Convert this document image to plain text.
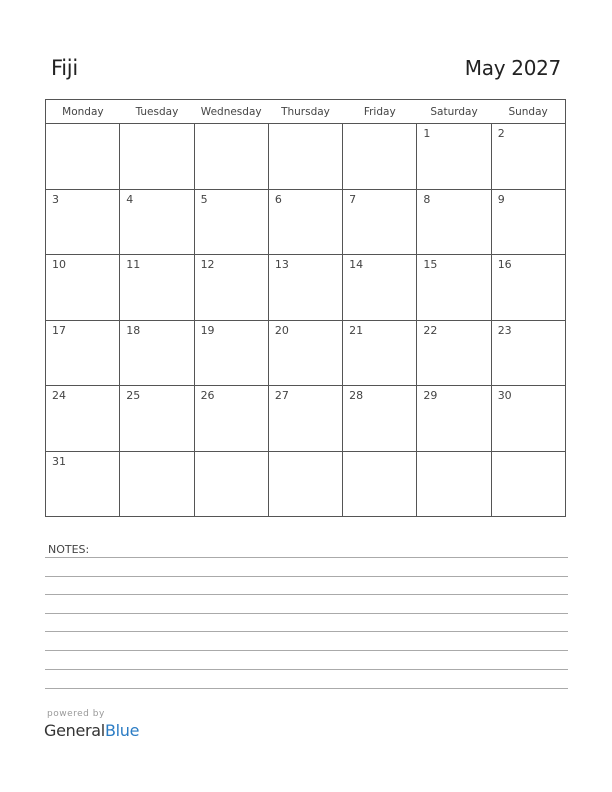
Fiji	May 2027
Monday	Tuesday	Wednesday	Thursday	Friday	Saturday	Sunday

					1	2

3	4	5	6	7	8	9

10	11	12	13	14	15	16

17	18	19	20	21	22	23

24	25	26	27	28	29	30

31						

NOTES:
powered by
GeneralBlue
